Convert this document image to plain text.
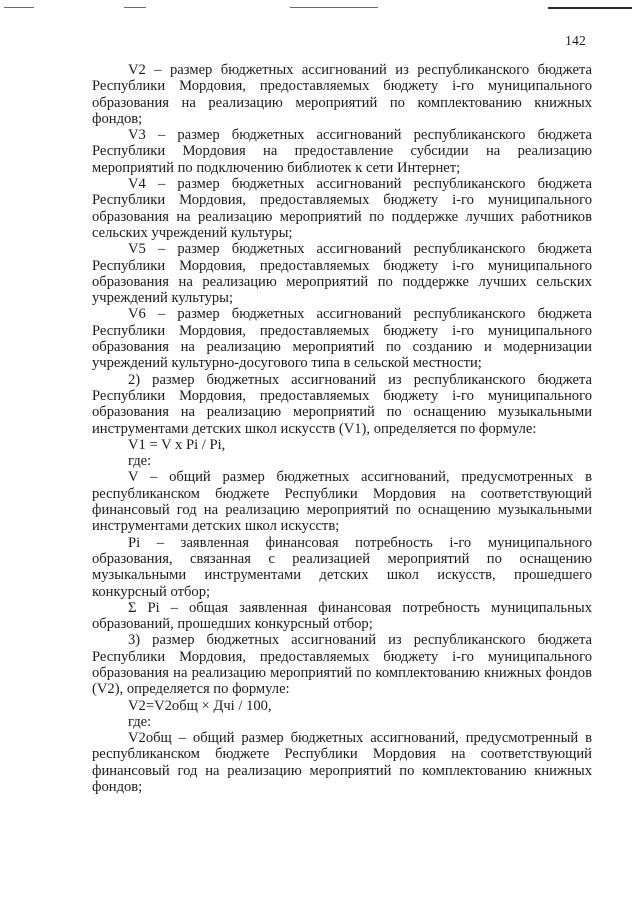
142

V2 – размер бюджетных ассигнований из республиканского бюджета Республики Мордовия, предоставляемых бюджету i-го муниципального образования на реализацию мероприятий по комплектованию книжных фондов;

V3 – размер бюджетных ассигнований республиканского бюджета Республики Мордовия на предоставление субсидии на реализацию мероприятий по подключению библиотек к сети Интернет;

V4 – размер бюджетных ассигнований республиканского бюджета Республики Мордовия, предоставляемых бюджету i-го муниципального образования на реализацию мероприятий по поддержке лучших работников сельских учреждений культуры;

V5 – размер бюджетных ассигнований республиканского бюджета Республики Мордовия, предоставляемых бюджету i-го муниципального образования на реализацию мероприятий по поддержке лучших сельских учреждений культуры;

V6 – размер бюджетных ассигнований республиканского бюджета Республики Мордовия, предоставляемых бюджету i-го муниципального образования на реализацию мероприятий по созданию и модернизации учреждений культурно-досугового типа в сельской местности;

2) размер бюджетных ассигнований из республиканского бюджета Республики Мордовия, предоставляемых бюджету i-го муниципального образования на реализацию мероприятий по оснащению музыкальными инструментами детских школ искусств (V1), определяется по формуле:

V1 = V x Pi / Pi,

где:

V – общий размер бюджетных ассигнований, предусмотренных в республиканском бюджете Республики Мордовия на соответствующий финансовый год на реализацию мероприятий по оснащению музыкальными инструментами детских школ искусств;

Pi – заявленная финансовая потребность i-го муниципального образования, связанная с реализацией мероприятий по оснащению музыкальными инструментами детских школ искусств, прошедшего конкурсный отбор;

Σ Pi – общая заявленная финансовая потребность муниципальных образований, прошедших конкурсный отбор;

3) размер бюджетных ассигнований из республиканского бюджета Республики Мордовия, предоставляемых бюджету i-го муниципального образования на реализацию мероприятий по комплектованию книжных фондов (V2), определяется по формуле:

V2=V2общ × Дчi / 100,

где:

V2общ – общий размер бюджетных ассигнований, предусмотренный в республиканском бюджете Республики Мордовия на соответствующий финансовый год на реализацию мероприятий по комплектованию книжных фондов;
